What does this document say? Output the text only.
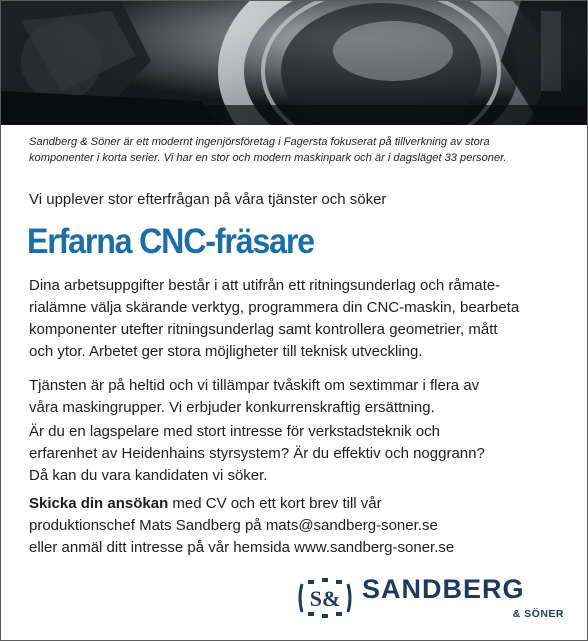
Sandberg & Söner är ett modernt ingenjörsföretag i Fagersta fokuserat på tillverkning av stora
komponenter i korta serier. Vi har en stor och modern maskinpark och är i dagsläget 33 personer.
Vi upplever stor efterfrågan på våra tjänster och söker
Erfarna CNC-fräsare

Dina arbetsuppgifter består i att utifrån ett ritningsunderlag och råmate-
rialämne välja skärande verktyg, programmera din CNC-maskin, bearbeta
komponenter utefter ritningsunderlag samt kontrollera geometrier, mått
och ytor. Arbetet ger stora möjligheter till teknisk utveckling.

Tjänsten är på heltid och vi tillämpar tvåskift om sextimmar i flera av
våra maskingrupper. Vi erbjuder konkurrenskraftig ersättning.

Är du en lagspelare med stort intresse för verkstadsteknik och
erfarenhet av Heidenhains styrsystem? Är du effektiv och noggrann?
Då kan du vara kandidaten vi söker.

Skicka din ansökan med CV och ett kort brev till vår
produktionschef Mats Sandberg på mats@sandberg-soner.se
eller anmäl ditt intresse på vår hemsida www.sandberg-soner.se

S& SANDBERG
& SÖNER
